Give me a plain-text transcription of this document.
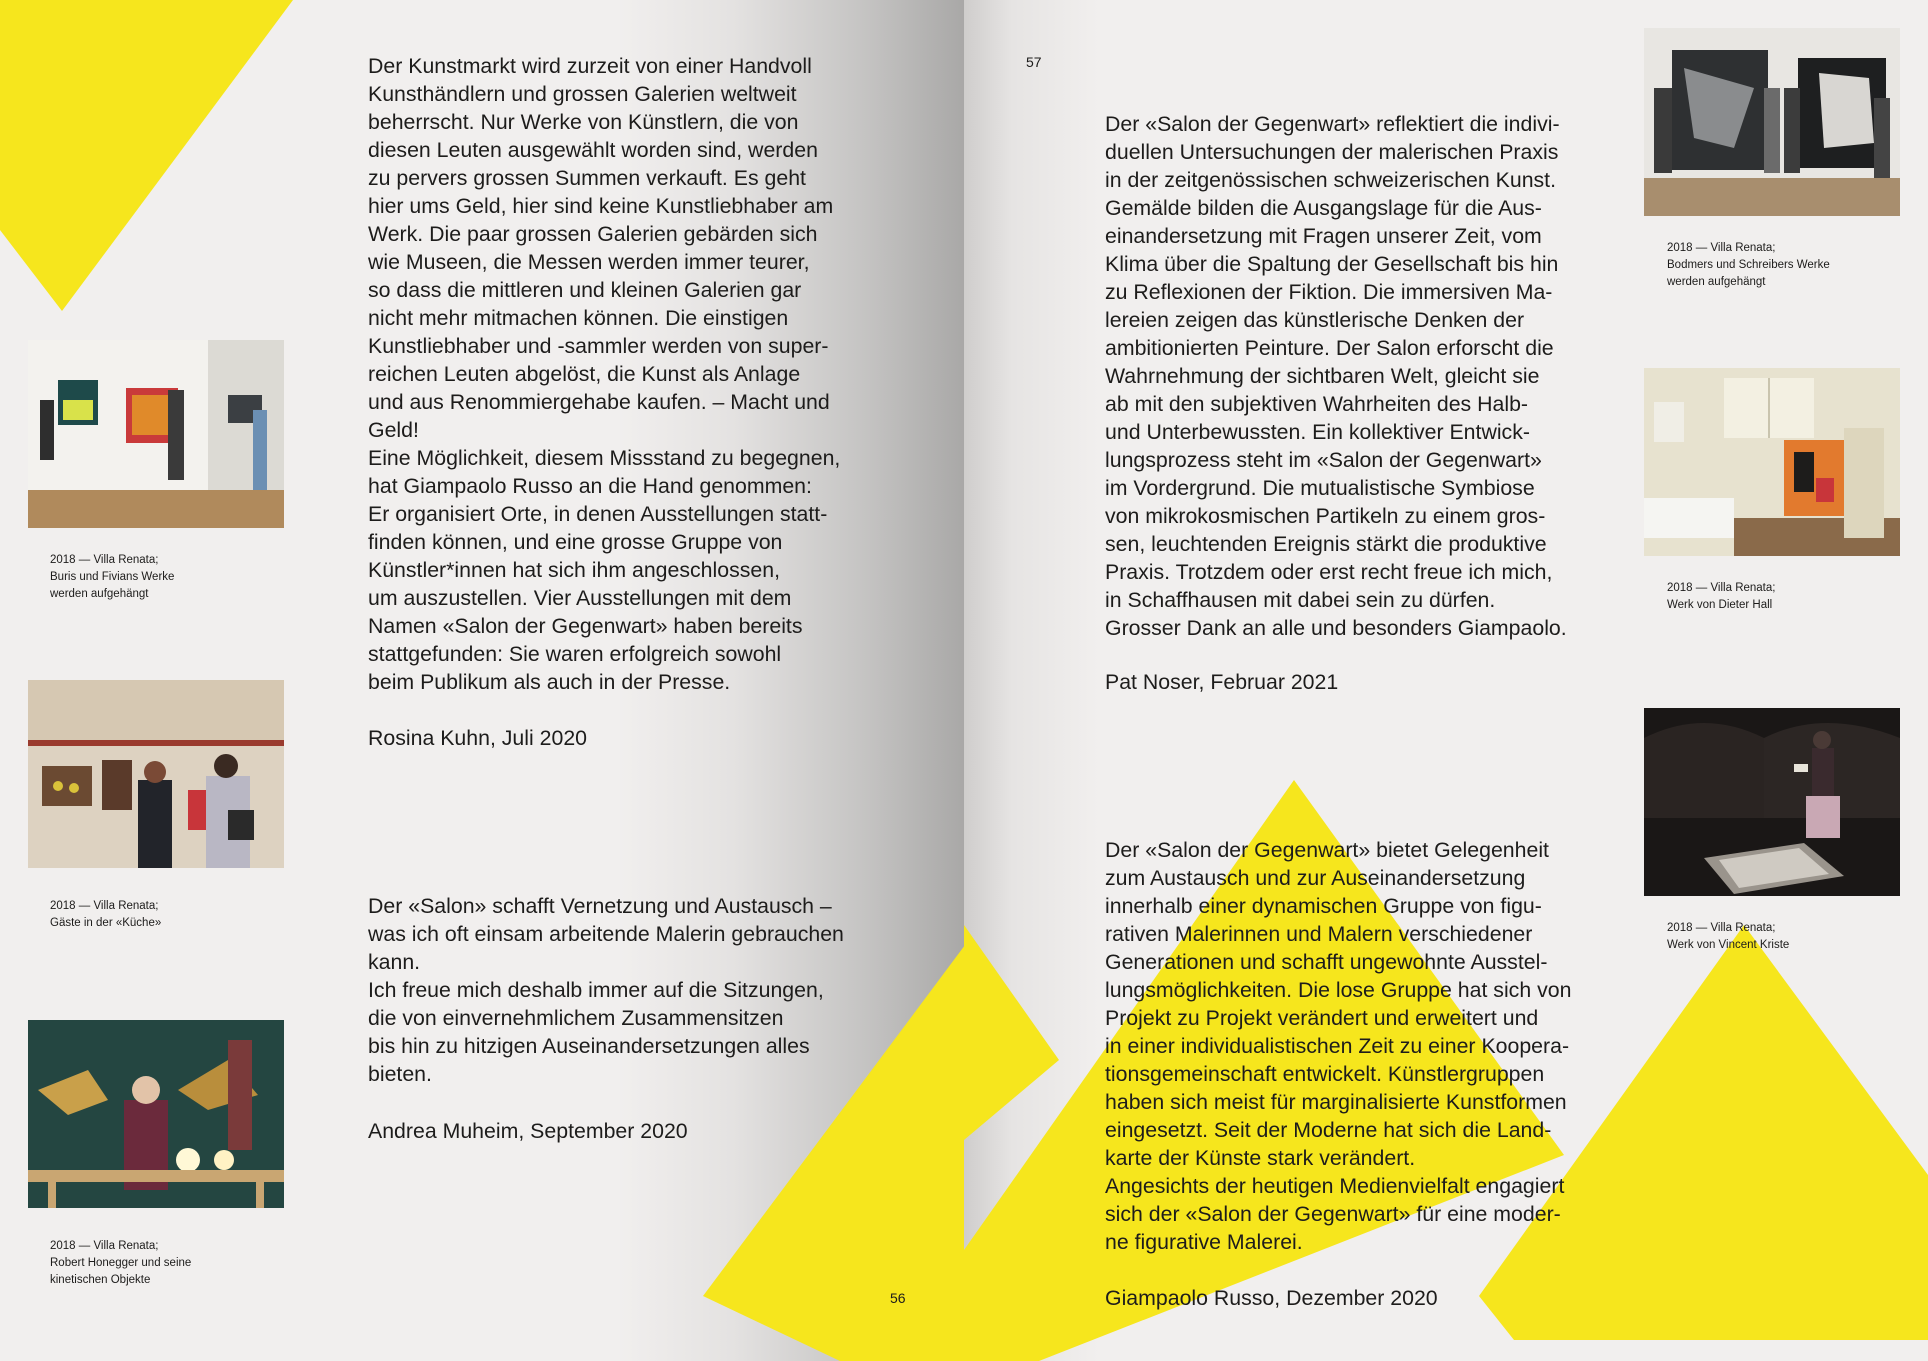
Der Kunstmarkt wird zurzeit von einer Handvoll
Kunsthändlern und grossen Galerien weltweit
beherrscht. Nur Werke von Künstlern, die von
diesen Leuten ausgewählt worden sind, werden
zu pervers grossen Summen verkauft. Es geht
hier ums Geld, hier sind keine Kunstliebhaber am
Werk. Die paar grossen Galerien gebärden sich
wie Museen, die Messen werden immer teurer,
so dass die mittleren und kleinen Galerien gar
nicht mehr mitmachen können. Die einstigen
Kunstliebhaber und -sammler werden von super-
reichen Leuten abgelöst, die Kunst als Anlage
und aus Renommiergehabe kaufen. – Macht und
Geld!
Eine Möglichkeit, diesem Missstand zu begegnen,
hat Giampaolo Russo an die Hand genommen:
Er organisiert Orte, in denen Ausstellungen statt-
finden können, und eine grosse Gruppe von
Künstler*innen hat sich ihm angeschlossen,
um auszustellen. Vier Ausstellungen mit dem
Namen «Salon der Gegenwart» haben bereits
stattgefunden: Sie waren erfolgreich sowohl
beim Publikum als auch in der Presse.

Rosina Kuhn, Juli 2020

Der «Salon» schafft Vernetzung und Austausch –
was ich oft einsam arbeitende Malerin gebrauchen
kann.
Ich freue mich deshalb immer auf die Sitzungen,
die von einvernehmlichem Zusammensitzen
bis hin zu hitzigen Auseinandersetzungen alles
bieten.

Andrea Muheim, September 2020

2018 — Villa Renata;
Buris und Fivians Werke
werden aufgehängt

2018 — Villa Renata;
Gäste in der «Küche»

2018 — Villa Renata;
Robert Honegger und seine
kinetischen Objekte

56
57

Der «Salon der Gegenwart» reflektiert die indivi-
duellen Untersuchungen der malerischen Praxis
in der zeitgenössischen schweizerischen Kunst.
Gemälde bilden die Ausgangslage für die Aus-
einandersetzung mit Fragen unserer Zeit, vom
Klima über die Spaltung der Gesellschaft bis hin
zu Reflexionen der Fiktion. Die immersiven Ma-
lereien zeigen das künstlerische Denken der
ambitionierten Peinture. Der Salon erforscht die
Wahrnehmung der sichtbaren Welt, gleicht sie
ab mit den subjektiven Wahrheiten des Halb-
und Unterbewussten. Ein kollektiver Entwick-
lungsprozess steht im «Salon der Gegenwart»
im Vordergrund. Die mutualistische Symbiose
von mikrokosmischen Partikeln zu einem gros-
sen, leuchtenden Ereignis stärkt die produktive
Praxis. Trotzdem oder erst recht freue ich mich,
in Schaffhausen mit dabei sein zu dürfen.
Grosser Dank an alle und besonders Giampaolo.

Pat Noser, Februar 2021

Der «Salon der Gegenwart» bietet Gelegenheit
zum Austausch und zur Auseinandersetzung
innerhalb einer dynamischen Gruppe von figu-
rativen Malerinnen und Malern verschiedener
Generationen und schafft ungewohnte Ausstel-
lungsmöglichkeiten. Die lose Gruppe hat sich von
Projekt zu Projekt verändert und erweitert und
in einer individualistischen Zeit zu einer Koopera-
tionsgemeinschaft entwickelt. Künstlergruppen
haben sich meist für marginalisierte Kunstformen
eingesetzt. Seit der Moderne hat sich die Land-
karte der Künste stark verändert.
Angesichts der heutigen Medienvielfalt engagiert
sich der «Salon der Gegenwart» für eine moder-
ne figurative Malerei.

Giampaolo Russo, Dezember 2020

2018 — Villa Renata;
Bodmers und Schreibers Werke
werden aufgehängt

2018 — Villa Renata;
Werk von Dieter Hall

2018 — Villa Renata;
Werk von Vincent Kriste
